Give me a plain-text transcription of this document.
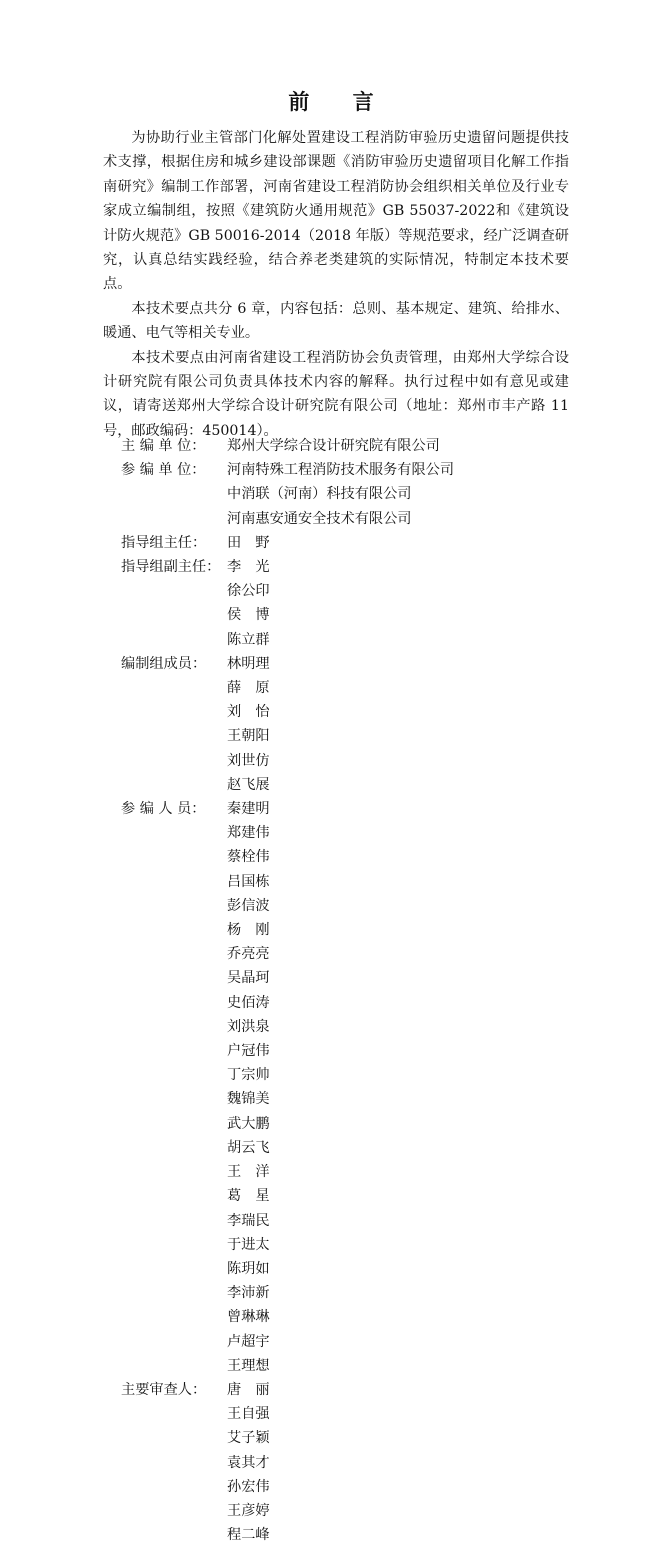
前 言

为协助行业主管部门化解处置建设工程消防审验历史遗留问题提供技术支撑，根据住房和城乡建设部课题《消防审验历史遗留项目化解工作指南研究》编制工作部署，河南省建设工程消防协会组织相关单位及行业专家成立编制组，按照《建筑防火通用规范》GB 55037-2022和《建筑设计防火规范》GB 50016-2014（2018 年版）等规范要求，经广泛调查研究，认真总结实践经验，结合养老类建筑的实际情况，特制定本技术要点。

本技术要点共分 6 章，内容包括：总则、基本规定、建筑、给排水、暖通、电气等相关专业。

本技术要点由河南省建设工程消防协会负责管理，由郑州大学综合设计研究院有限公司负责具体技术内容的解释。执行过程中如有意见或建议，请寄送郑州大学综合设计研究院有限公司（地址：郑州市丰产路 11 号，邮政编码：450014）。

主 编 单 位：	郑州大学综合设计研究院有限公司
参 编 单 位：	河南特殊工程消防技术服务有限公司
中消联（河南）科技有限公司
河南惠安通安全技术有限公司
指导组主任：	田　野
指导组副主任： 李　光
徐公印
侯　博
陈立群
编制组成员：	林明理
薛　原
刘　怡
王朝阳
刘世仿
赵飞展
参 编 人 员：	秦建明
郑建伟
蔡栓伟
吕国栋
彭信波
杨　刚
乔亮亮
吴晶珂
史佰涛
刘洪泉
户冠伟
丁宗帅
魏锦美
武大鹏
胡云飞
王　洋
葛　星
李瑞民
于进太
陈玥如
李沛新
曾琳琳
卢超宇
王理想
主要审查人：	唐　丽
王自强
艾子颖
袁其才
孙宏伟
王彦婷
程二峰
